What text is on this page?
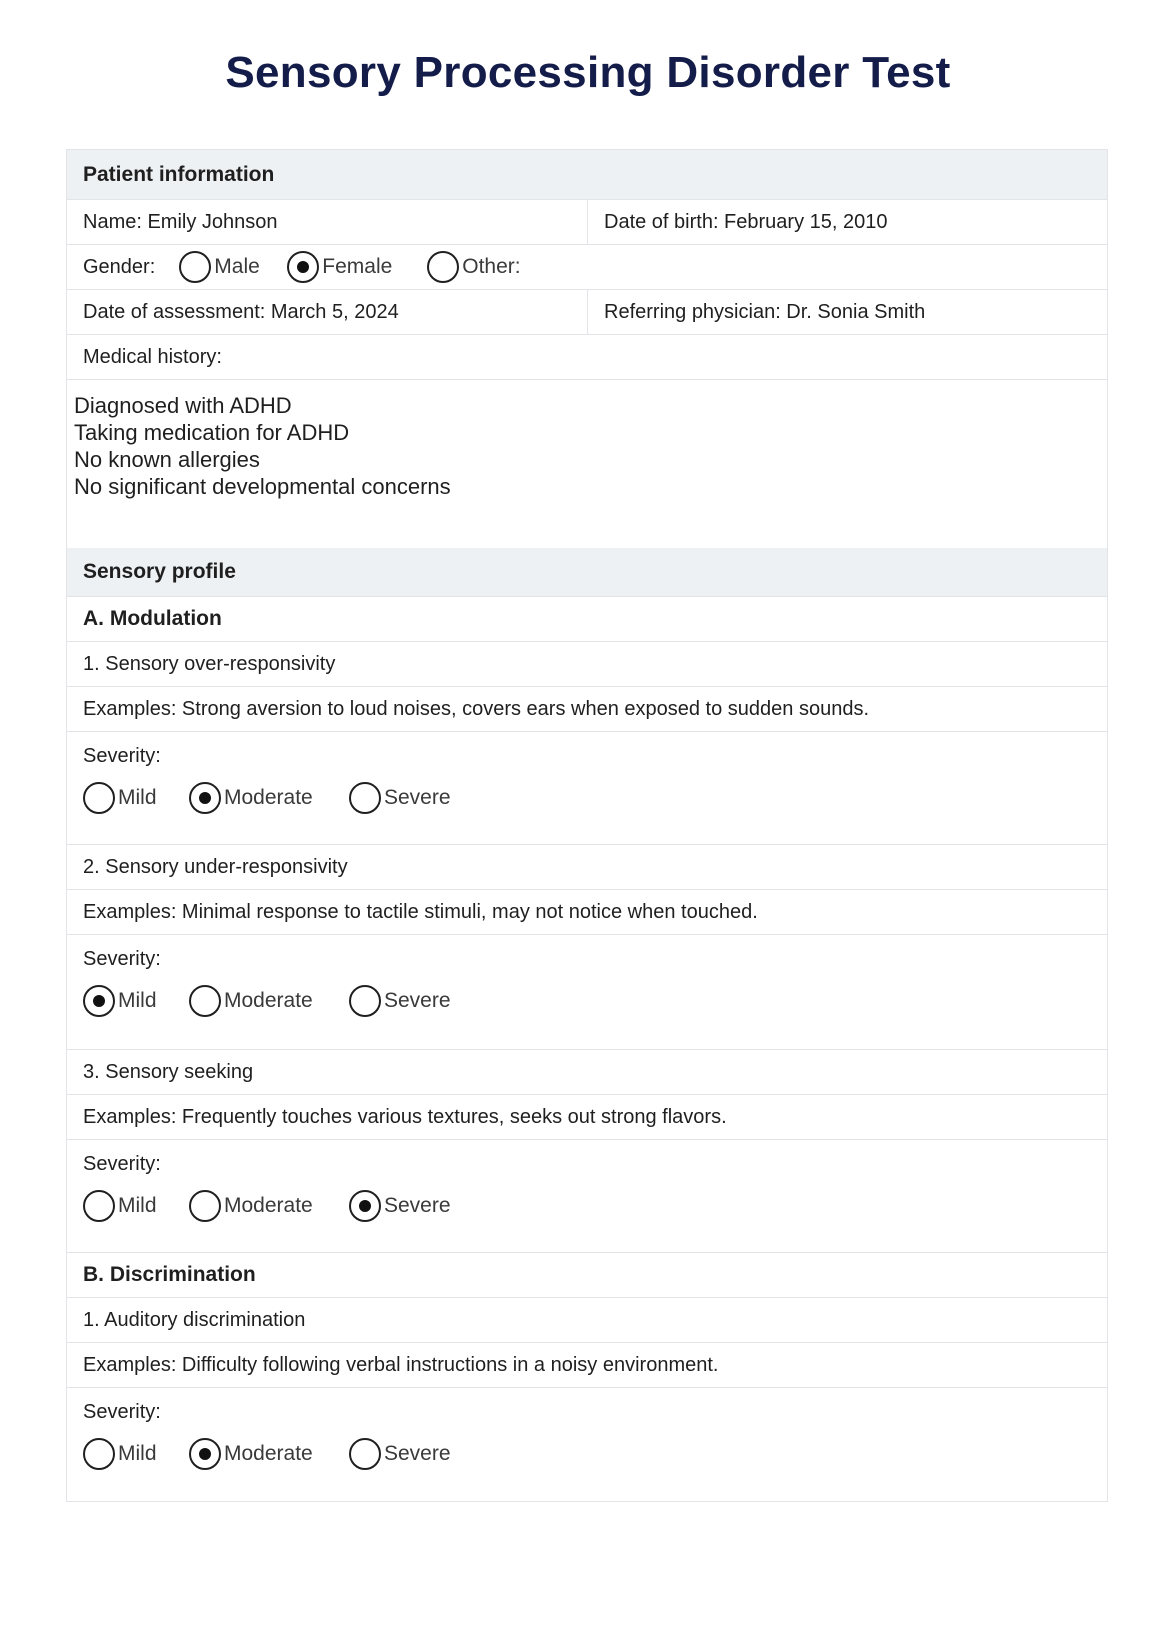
Sensory Processing Disorder Test
Patient information
Name: Emily Johnson	Date of birth: February 15, 2010
Gender:	Male	Female	Other:
Date of assessment: March 5, 2024	Referring physician: Dr. Sonia Smith
Medical history:
Diagnosed with ADHD
Taking medication for ADHD
No known allergies
No significant developmental concerns
Sensory profile
A. Modulation
1. Sensory over-responsivity
Examples: Strong aversion to loud noises, covers ears when exposed to sudden sounds.
Severity:
Mild	Moderate	Severe
2. Sensory under-responsivity
Examples: Minimal response to tactile stimuli, may not notice when touched.
Severity:
Mild	Moderate	Severe
3. Sensory seeking
Examples: Frequently touches various textures, seeks out strong flavors.
Severity:
Mild	Moderate	Severe
B. Discrimination
1. Auditory discrimination
Examples: Difficulty following verbal instructions in a noisy environment.
Severity:
Mild	Moderate	Severe
